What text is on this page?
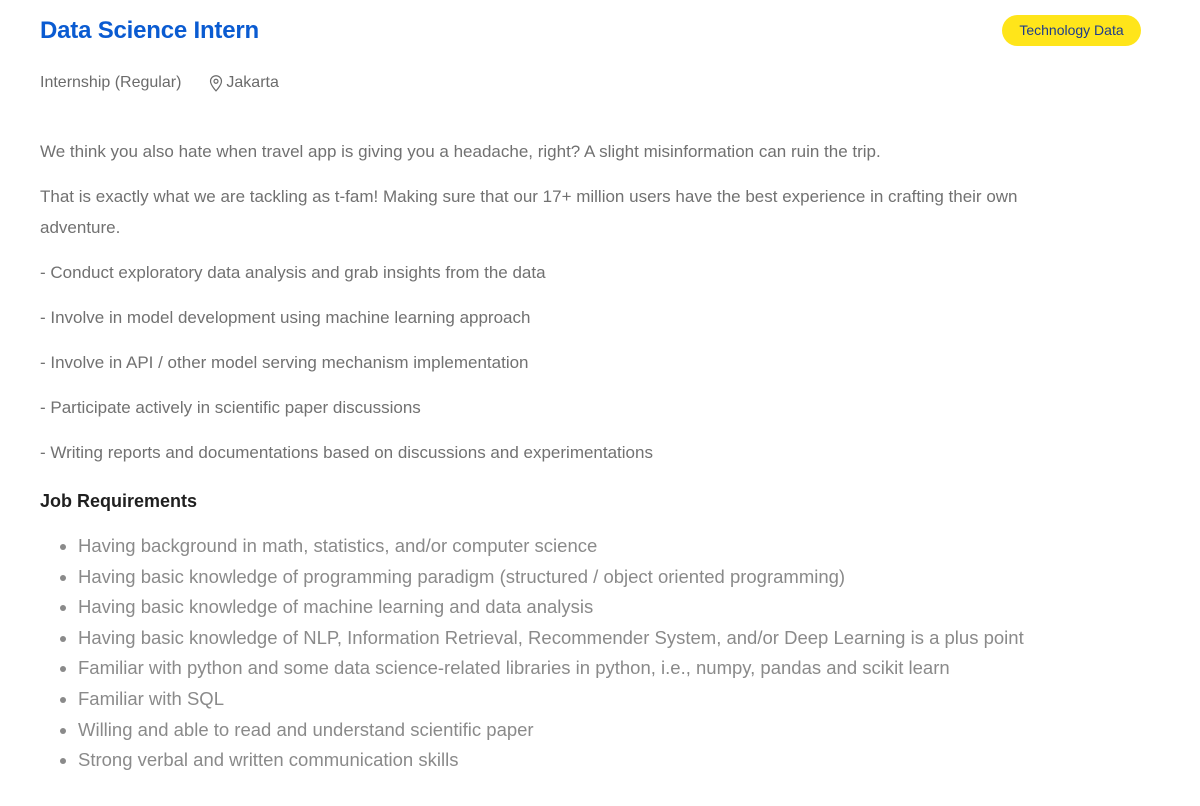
Data Science Intern	Technology Data
Internship (Regular)	Jakarta

We think you also hate when travel app is giving you a headache, right? A slight misinformation can ruin the trip.

That is exactly what we are tackling as t-fam! Making sure that our 17+ million users have the best experience in crafting their own adventure.

- Conduct exploratory data analysis and grab insights from the data

- Involve in model development using machine learning approach

- Involve in API / other model serving mechanism implementation

- Participate actively in scientific paper discussions

- Writing reports and documentations based on discussions and experimentations

Job Requirements
• Having background in math, statistics, and/or computer science
• Having basic knowledge of programming paradigm (structured / object oriented programming)
• Having basic knowledge of machine learning and data analysis
• Having basic knowledge of NLP, Information Retrieval, Recommender System, and/or Deep Learning is a plus point
• Familiar with python and some data science-related libraries in python, i.e., numpy, pandas and scikit learn
• Familiar with SQL
• Willing and able to read and understand scientific paper
• Strong verbal and written communication skills
